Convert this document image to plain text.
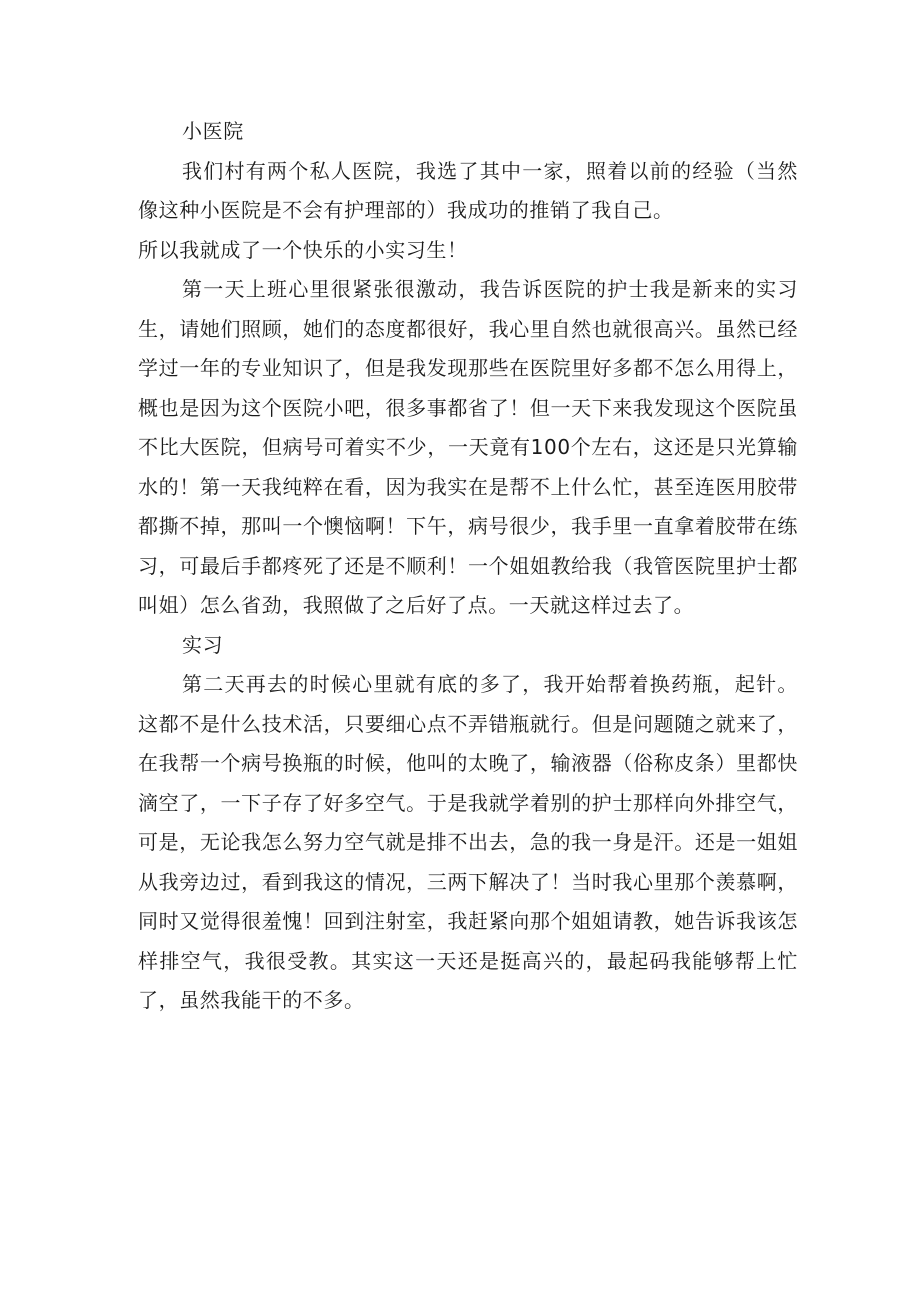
小医院

我们村有两个私人医院，我选了其中一家，照着以前的经验（当然像这种小医院是不会有护理部的）我成功的推销了我自己。

所以我就成了一个快乐的小实习生！

第一天上班心里很紧张很激动，我告诉医院的护士我是新来的实习生，请她们照顾，她们的态度都很好，我心里自然也就很高兴。虽然已经学过一年的专业知识了，但是我发现那些在医院里好多都不怎么用得上，概也是因为这个医院小吧，很多事都省了！但一天下来我发现这个医院虽不比大医院，但病号可着实不少，一天竟有100个左右，这还是只光算输水的！第一天我纯粹在看，因为我实在是帮不上什么忙，甚至连医用胶带都撕不掉，那叫一个懊恼啊！下午，病号很少，我手里一直拿着胶带在练习，可最后手都疼死了还是不顺利！一个姐姐教给我（我管医院里护士都叫姐）怎么省劲，我照做了之后好了点。一天就这样过去了。

实习

第二天再去的时候心里就有底的多了，我开始帮着换药瓶，起针。这都不是什么技术活，只要细心点不弄错瓶就行。但是问题随之就来了，在我帮一个病号换瓶的时候，他叫的太晚了，输液器（俗称皮条）里都快滴空了，一下子存了好多空气。于是我就学着别的护士那样向外排空气，可是，无论我怎么努力空气就是排不出去，急的我一身是汗。还是一姐姐从我旁边过，看到我这的情况，三两下解决了！当时我心里那个羡慕啊，同时又觉得很羞愧！回到注射室，我赶紧向那个姐姐请教，她告诉我该怎样排空气，我很受教。其实这一天还是挺高兴的，最起码我能够帮上忙了，虽然我能干的不多。
